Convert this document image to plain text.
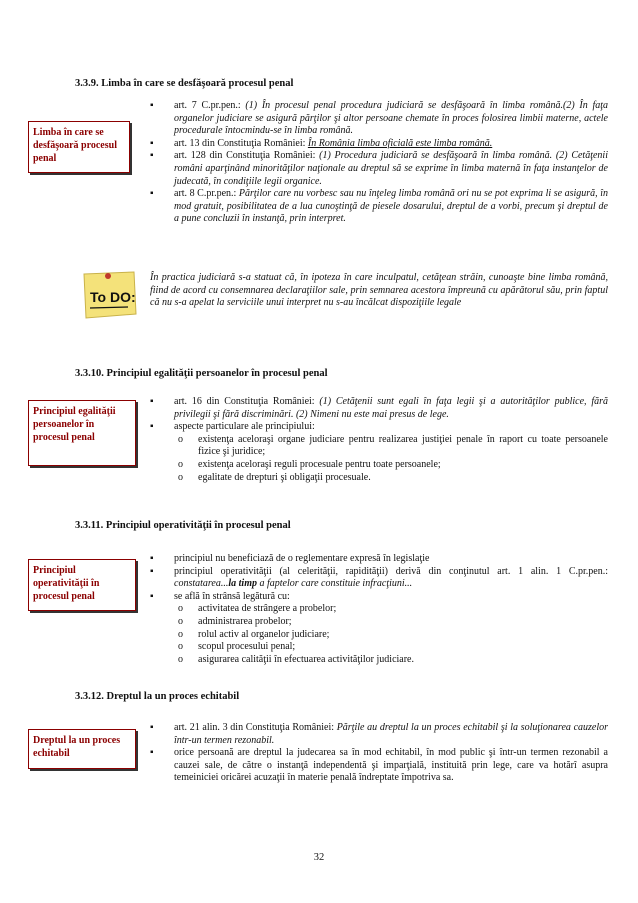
3.3.9. Limba în care se desfăşoară procesul penal
Limba în care se desfăşoară procesul penal
▪ art. 7 C.pr.pen.: (1) În procesul penal procedura judiciară se desfăşoară în limba română.(2) În faţa organelor judiciare se asigură părţilor şi altor persoane chemate în proces folosirea limbii materne, actele procedurale întocmindu-se în limba română.
▪ art. 13 din Constituţia României: În România limba oficială este limba română.
▪ art. 128 din Constituţia României: (1) Procedura judiciară se desfăşoară în limba română. (2) Cetăţenii români aparţinând minorităţilor naţionale au dreptul să se exprime în limba maternă în faţa instanţelor de judecată, în condiţiile legii organice.
▪ art. 8 C.pr.pen.: Părţilor care nu vorbesc sau nu înţeleg limba română ori nu se pot exprima li se asigură, în mod gratuit, posibilitatea de a lua cunoştinţă de piesele dosarului, dreptul de a vorbi, precum şi dreptul de a pune concluzii în instanţă, prin interpret.
To DO:
În practica judiciară s-a statuat că, în ipoteza în care inculpatul, cetăţean străin, cunoaşte bine limba română, fiind de acord cu consemnarea declaraţiilor sale, prin semnarea acestora împreună cu apărătorul său, prin faptul că nu s-a apelat la serviciile unui interpret nu s-au încălcat dispoziţiile legale
3.3.10. Principiul egalităţii persoanelor în procesul penal
Principiul egalităţii persoanelor în procesul penal
▪ art. 16 din Constituţia României: (1) Cetăţenii sunt egali în faţa legii şi a autorităţilor publice, fără privilegii şi fără discriminări. (2) Nimeni nu este mai presus de lege.
▪ aspecte particulare ale principiului:
o existenţa aceloraşi organe judiciare pentru realizarea justiţiei penale în raport cu toate persoanele fizice şi juridice;
o existenţa aceloraşi reguli procesuale pentru toate persoanele;
o egalitate de drepturi şi obligaţii procesuale.
3.3.11. Principiul operativităţii în procesul penal
Principiul operativităţii în procesul penal
▪ principiul nu beneficiază de o reglementare expresă în legislaţie
▪ principiul operativităţii (al celerităţii, rapidităţii) derivă din conţinutul art. 1 alin. 1 C.pr.pen.: constatarea...la timp a faptelor care constituie infracţiuni...
▪ se află în strânsă legătură cu:
o activitatea de strângere a probelor;
o administrarea probelor;
o rolul activ al organelor judiciare;
o scopul procesului penal;
o asigurarea calităţii în efectuarea activităţilor judiciare.
3.3.12. Dreptul la un proces echitabil
Dreptul la un proces echitabil
▪ art. 21 alin. 3 din Constituţia României: Părţile au dreptul la un proces echitabil şi la soluţionarea cauzelor într-un termen rezonabil.
▪ orice persoană are dreptul la judecarea sa în mod echitabil, în mod public şi într-un termen rezonabil a cauzei sale, de către o instanţă independentă şi imparţială, instituită prin lege, care va hotărî asupra temeiniciei oricărei acuzaţii în materie penală îndreptate împotriva sa.
32
